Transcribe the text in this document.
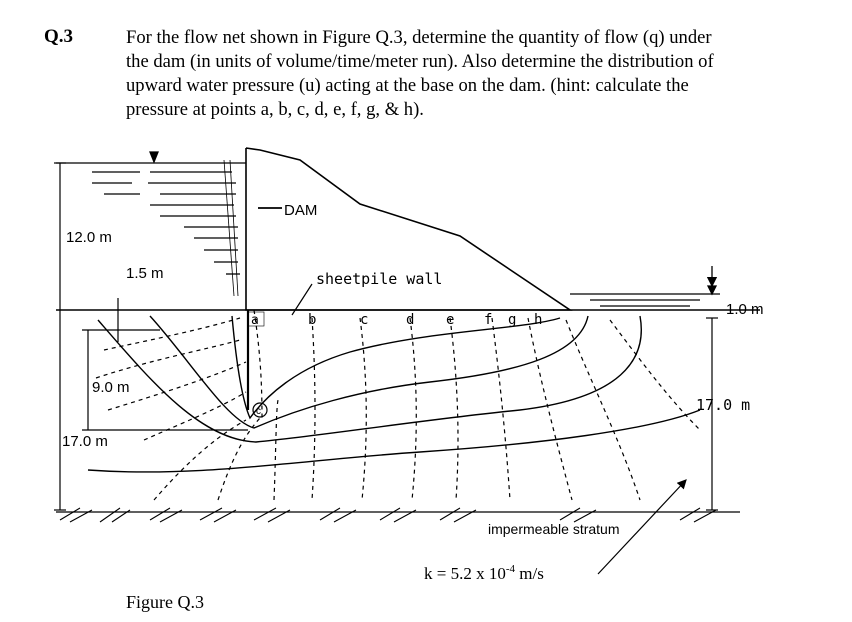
Q.3	For the flow net shown in Figure Q.3, determine the quantity of flow (q) under
the dam (in units of volume/time/meter run). Also determine the distribution of
upward water pressure (u) acting at the base on the dam. (hint: calculate the
pressure at points a, b, c, d, e, f, g, & h).
DAM
sheetpile wall
1.0 m
12.0 m
1.5 m
9.0 m
17.0 m
17.0 m
a	b	c	d e f g h
c
impermeable stratum
k = 5.2 x $10^{-4}$ m/s
Figure Q.3
